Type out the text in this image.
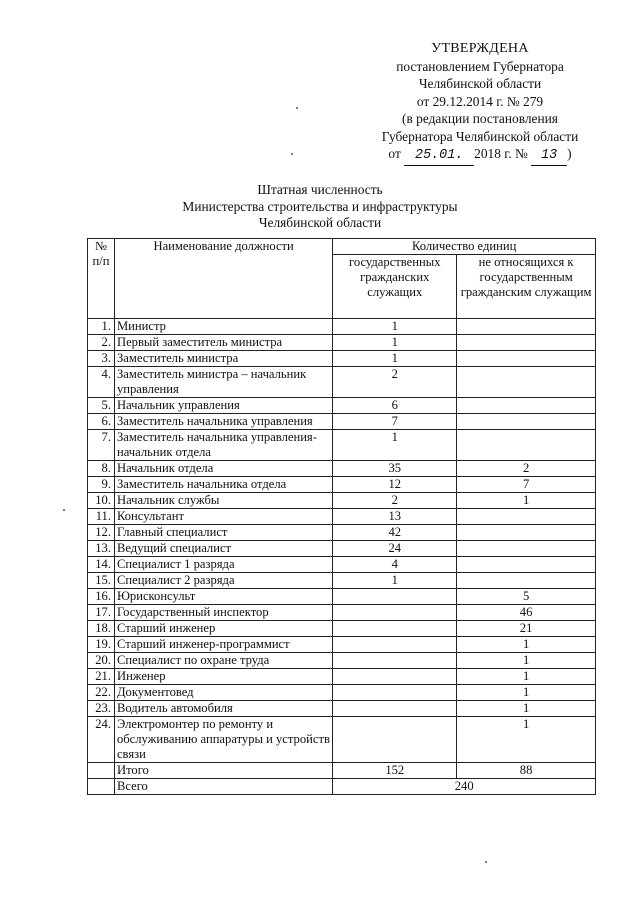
УТВЕРЖДЕНА
постановлением Губернатора
Челябинской области
от 29.12.2014 г. № 279
(в редакции постановления
Губернатора Челябинской области
от 25.01. 2018 г. № 13 )
Штатная численность
Министерства строительства и инфраструктуры
Челябинской области
№ п/п	Наименование должности	Количество единиц	
		государственных гражданских служащих	не относящихся к государственным гражданским служащим
1.	Министр	1	
2.	Первый заместитель министра	1	
3.	Заместитель министра	1	
4.	Заместитель министра – начальник управления	2	
5.	Начальник управления	6	
6.	Заместитель начальника управления	7	
7.	Заместитель начальника управления-начальник отдела	1	
8.	Начальник отдела	35	2
9.	Заместитель начальника отдела	12	7
10.	Начальник службы	2	1
11.	Консультант	13	
12.	Главный специалист	42	
13.	Ведущий специалист	24	
14.	Специалист 1 разряда	4	
15.	Специалист 2 разряда	1	
16.	Юрисконсульт		5
17.	Государственный инспектор		46
18.	Старший инженер		21
19.	Старший инженер-программист		1
20.	Специалист по охране труда		1
21.	Инженер		1
22.	Документовед		1
23.	Водитель автомобиля		1
24.	Электромонтер по ремонту и обслуживанию аппаратуры и устройств связи		1
	Итого	152	88
	Всего	240	
